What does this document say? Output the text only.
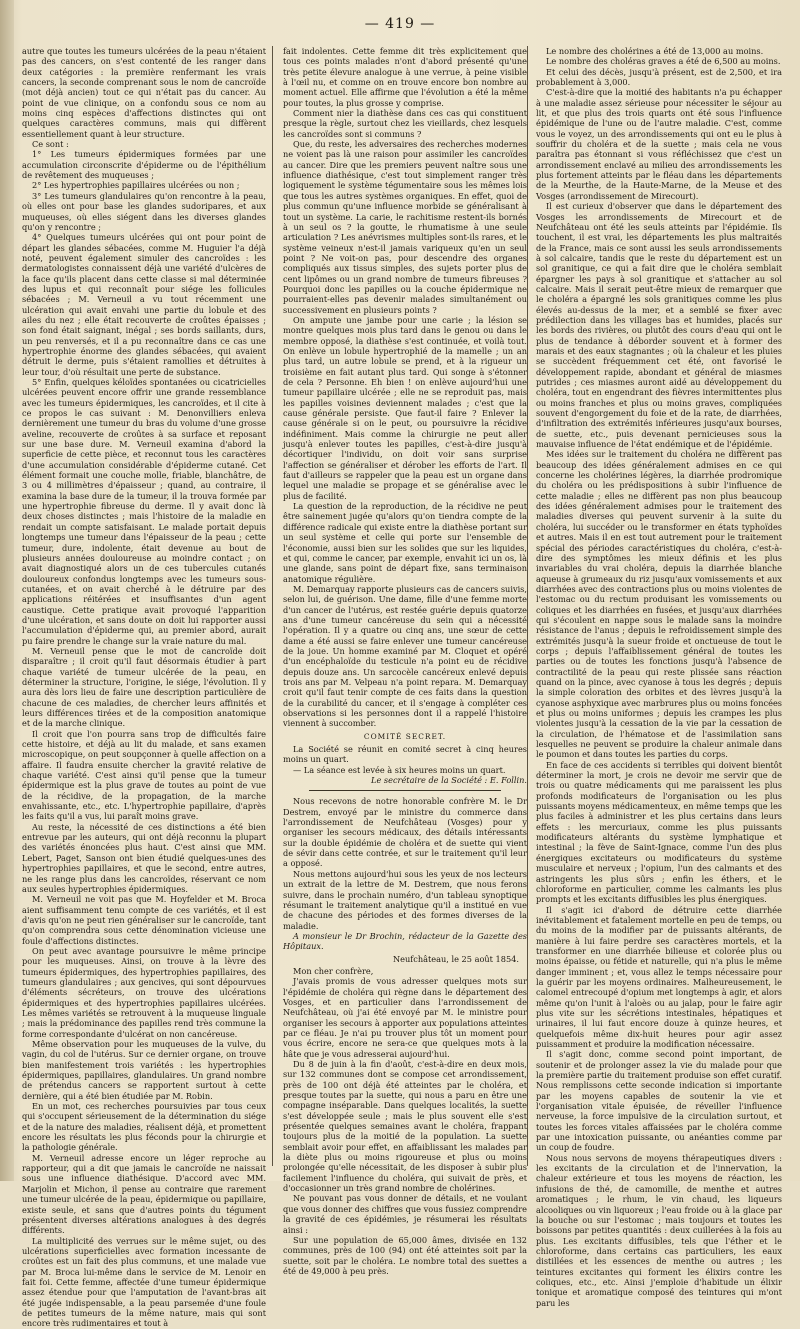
— 419 —

autre que toutes les tumeurs ulcérées de la peau n'étaient pas des cancers, on s'est contenté de les ranger dans deux catégories : la première renfermant les vrais cancers, la seconde comprenant sous le nom de cancroïde (mot déjà ancien) tout ce qui n'était pas du cancer. Au point de vue clinique, on a confondu sous ce nom au moins cinq espèces d'affections distinctes qui ont quelques caractères communs, mais qui diffèrent essentiellement quant à leur structure.

Ce sont :

1° Les tumeurs épidermiques formées par une accumulation circonscrite d'épiderme ou de l'épithélium de revêtement des muqueuses ;

2° Les hypertrophies papillaires ulcérées ou non ;

3° Les tumeurs glandulaires qu'on rencontre à la peau, où elles ont pour base les glandes sudoripares, et aux muqueuses, où elles siégent dans les diverses glandes qu'on y rencontre ;

4° Quelques tumeurs ulcérées qui ont pour point de départ les glandes sébacées, comme M. Huguier l'a déjà noté, peuvent également simuler des cancroïdes : les dermatologistes connaissent déjà une variété d'ulcères de la face qu'ils placent dans cette classe si mal déterminée des lupus et qui reconnaît pour siége les follicules sébacées ; M. Verneuil a vu tout récemment une ulcération qui avait envahi une partie du lobule et des ailes du nez ; elle était recouverte de croûtes épaisses ; son fond était saignant, inégal ; ses bords saillants, durs, un peu renversés, et il a pu reconnaître dans ce cas une hypertrophie énorme des glandes sébacées, qui avaient détruit le derme, puis s'étaient ramollies et détruites à leur tour, d'où résultait une perte de substance.

5° Enfin, quelques kéloïdes spontanées ou cicatricielles ulcérées peuvent encore offrir une grande ressemblance avec les tumeurs épidermiques, les cancroïdes, et il cite à ce propos le cas suivant : M. Denonvilliers enleva dernièrement une tumeur du bras du volume d'une grosse aveline, recouverte de croûtes à sa surface et reposant sur une base dure. M. Verneuil examina d'abord la superficie de cette pièce, et reconnut tous les caractères d'une accumulation considérable d'épiderme cutané. Cet élément formait une couche molle, friable, blanchâtre, de 3 ou 4 millimètres d'épaisseur ; quand, au contraire, il examina la base dure de la tumeur, il la trouva formée par une hypertrophie fibreuse du derme. Il y avait donc là deux choses distinctes ; mais l'histoire de la maladie en rendait un compte satisfaisant. Le malade portait depuis longtemps une tumeur dans l'épaisseur de la peau ; cette tumeur, dure, indolente, était devenue au bout de plusieurs années douloureuse au moindre contact ; on avait diagnostiqué alors un de ces tubercules cutanés douloureux confondus longtemps avec les tumeurs sous-cutanées, et on avait cherché à le détruire par des applications réitérées et insuffisantes d'un agent caustique. Cette pratique avait provoqué l'apparition d'une ulcération, et sans doute on doit lui rapporter aussi l'accumulation d'épiderme qui, au premier abord, aurait pu faire prendre le change sur la vraie nature du mal.

M. Verneuil pense que le mot de cancroïde doit disparaître ; il croit qu'il faut désormais étudier à part chaque variété de tumeur ulcérée de la peau, en déterminer la structure, l'origine, le siége, l'évolution. Il y aura dès lors lieu de faire une description particulière de chacune de ces maladies, de chercher leurs affinités et leurs différences tirées et de la composition anatomique et de la marche clinique.

Il croit que l'on pourra sans trop de difficultés faire cette histoire, et déjà au lit du malade, et sans examen microscopique, on peut soupçonner à quelle affection on a affaire. Il faudra ensuite chercher la gravité relative de chaque variété. C'est ainsi qu'il pense que la tumeur épidermique est la plus grave de toutes au point de vue de la récidive, de la propagation, de la marche envahissante, etc., etc. L'hypertrophie papillaire, d'après les faits qu'il a vus, lui paraît moins grave.

Au reste, la nécessité de ces distinctions a été bien entrevue par les auteurs, qui ont déjà reconnu la plupart des variétés énoncées plus haut. C'est ainsi que MM. Lebert, Paget, Sanson ont bien étudié quelques-unes des hypertrophies papillaires, et que le second, entre autres, ne les range plus dans les cancroïdes, réservant ce nom aux seules hypertrophies épidermiques.

M. Verneuil ne voit pas que M. Hoyfelder et M. Broca aient suffisamment tenu compte de ces variétés, et il est d'avis qu'on ne peut rien généraliser sur le cancroïde, tant qu'on comprendra sous cette dénomination vicieuse une foule d'affections distinctes.

On peut avec avantage poursuivre le même principe pour les muqueuses. Ainsi, on trouve à la lèvre des tumeurs épidermiques, des hypertrophies papillaires, des tumeurs glandulaires ; aux gencives, qui sont dépourvues d'éléments sécréteurs, on trouve des ulcérations épidermiques et des hypertrophies papillaires ulcérées. Les mêmes variétés se retrouvent à la muqueuse linguale ; mais la prédominance des papilles rend très commune la forme correspondante d'ulcérat on non cancéreuse.

Même observation pour les muqueuses de la vulve, du vagin, du col de l'utérus. Sur ce dernier organe, on trouve bien manifestement trois variétés : les hypertrophies épidermiques, papillaires, glandulaires. Un grand nombre de prétendus cancers se rapportent surtout à cette dernière, qui a été bien étudiée par M. Robin.

En un mot, ces recherches poursuivies par tous ceux qui s'occupent sérieusement de la détermination du siége et de la nature des maladies, réalisent déjà, et promettent encore les résultats les plus féconds pour la chirurgie et la pathologie générale.

M. Verneuil adresse encore un léger reproche au rapporteur, qui a dit que jamais le cancroïde ne naissait sous une influence diathésique. D'accord avec MM. Marjolin et Michon, il pense au contraire que rarement une tumeur ulcérée de la peau, épidermique ou papillaire, existe seule, et sans que d'autres points du tégument présentent diverses altérations analogues à des degrés différents.

La multiplicité des verrues sur le même sujet, ou des ulcérations superficielles avec formation incessante de croûtes est un fait des plus communs, et une malade vue par M. Broca lui-même dans le service de M. Lenoir en fait foi. Cette femme, affectée d'une tumeur épidermique assez étendue pour que l'amputation de l'avant-bras ait été jugée indispensable, a la peau parsemée d'une foule de petites tumeurs de la même nature, mais qui sont encore très rudimentaires et tout à

fait indolentes. Cette femme dit très explicitement que tous ces points malades n'ont d'abord présenté qu'une très petite élevure analogue à une verrue, à peine visible à l'œil nu, et comme on en trouve encore bon nombre au moment actuel. Elle affirme que l'évolution a été la même pour toutes, la plus grosse y comprise.

Comment nier la diathèse dans ces cas qui constituent presque la règle, surtout chez les vieillards, chez lesquels les cancroïdes sont si communs ?

Que, du reste, les adversaires des recherches modernes ne voient pas là une raison pour assimiler les cancroïdes au cancer. Dire que les premiers peuvent naître sous une influence diathésique, c'est tout simplement ranger très logiquement le système tégumentaire sous les mêmes lois que tous les autres systèmes organiques. En effet, quoi de plus commun qu'une influence morbide se généralisant à tout un système. La carie, le rachitisme restent-ils bornés à un seul os ? la goutte, le rhumatisme à une seule articulation ? Les anévrismes multiples sont-ils rares, et le système veineux n'est-il jamais variqueux qu'en un seul point ? Ne voit-on pas, pour descendre des organes compliqués aux tissus simples, des sujets porter plus de cent lipômes ou un grand nombre de tumeurs fibreuses ? Pourquoi donc les papilles ou la couche épidermique ne pourraient-elles pas devenir malades simultanément ou successivement en plusieurs points ?

On ampute une jambe pour une carie ; la lésion se montre quelques mois plus tard dans le genou ou dans le membre opposé, la diathèse s'est continuée, et voilà tout. On enlève un lobule hypertrophié de la mamelle ; un an plus tard, un autre lobule se prend, et à la rigueur un troisième en fait autant plus tard. Qui songe à s'étonner de cela ? Personne. Eh bien ! on enlève aujourd'hui une tumeur papillaire ulcérée ; elle ne se reproduit pas, mais les papilles voisines deviennent malades ; c'est que la cause générale persiste. Que faut-il faire ? Enlever la cause générale si on le peut, ou poursuivre la récidive indéfiniment. Mais comme la chirurgie ne peut aller jusqu'à enlever toutes les papilles, c'est-à-dire jusqu'à décortiquer l'individu, on doit voir sans surprise l'affection se généraliser et dérober les efforts de l'art. Il faut d'ailleurs se rappeler que la peau est un organe dans lequel une maladie se propage et se généralise avec le plus de facilité.

La question de la reproduction, de la récidive ne peut être sainement jugée qu'alors qu'on tiendra compte de la différence radicale qui existe entre la diathèse portant sur un seul système et celle qui porte sur l'ensemble de l'économie, aussi bien sur les solides que sur les liquides, et qui, comme le cancer, par exemple, envahit ici un os, là une glande, sans point de départ fixe, sans terminaison anatomique régulière.

M. Demarquay rapporte plusieurs cas de cancers suivis, selon lui, de guérison. Une dame, fille d'une femme morte d'un cancer de l'utérus, est restée guérie depuis quatorze ans d'une tumeur cancéreuse du sein qui a nécessité l'opération. Il y a quatre ou cinq ans, une sœur de cette dame a été aussi se faire enlever une tumeur cancéreuse de la joue. Un homme examiné par M. Cloquet et opéré d'un encéphaloïde du testicule n'a point eu de récidive depuis douze ans. Un sarcocèle cancéreux enlevé depuis trois ans par M. Velpeau n'a point repara. M. Demarquay croit qu'il faut tenir compte de ces faits dans la question de la curabilité du cancer, et il s'engage à compléter ces observations si les personnes dont il a rappelé l'histoire viennent à succomber.

COMITÉ SECRET.

La Société se réunit en comité secret à cinq heures moins un quart.

— La séance est levée à six heures moins un quart.

Le secrétaire de la Société : E. Follin.

Nous recevons de notre honorable confrère M. le Dr Destrem, envoyé par le ministre du commerce dans l'arrondissement de Neufchâteau (Vosges) pour y organiser les secours médicaux, des détails intéressants sur la double épidémie de choléra et de suette qui vient de sévir dans cette contrée, et sur le traitement qu'il leur a opposé.

Nous mettons aujourd'hui sous les yeux de nos lecteurs un extrait de la lettre de M. Destrem, que nous ferons suivre, dans le prochain numéro, d'un tableau synoptique résumant le traitement analytique qu'il a institué en vue de chacune des périodes et des formes diverses de la maladie.

A monsieur le Dr Brochin, rédacteur de la Gazette des Hôpitaux.

Neufchâteau, le 25 août 1854.

Mon cher confrère,

J'avais promis de vous adresser quelques mots sur l'épidémie de choléra qui règne dans le département des Vosges, et en particulier dans l'arrondissement de Neufchâteau, où j'ai été envoyé par M. le ministre pour organiser les secours à apporter aux populations atteintes par ce fléau. Je n'ai pu trouver plus tôt un moment pour vous écrire, encore ne sera-ce que quelques mots à la hâte que je vous adresserai aujourd'hui.

Du 8 de juin à la fin d'août, c'est-à-dire en deux mois, sur 132 communes dont se compose cet arrondissement, près de 100 ont déjà été atteintes par le choléra, et presque toutes par la suette, qui nous a paru en être une compagne inséparable. Dans quelques localités, la suette s'est développée seule ; mais le plus souvent elle s'est présentée quelques semaines avant le choléra, frappant toujours plus de la moitié de la population. La suette semblait avoir pour effet, en affaiblissant les malades par la diète plus ou moins rigoureuse et plus ou moins prolongée qu'elle nécessitait, de les disposer à subir plus facilement l'influence du choléra, qui suivait de près, et d'occasionner un très grand nombre de cholérines.

Ne pouvant pas vous donner de détails, et ne voulant que vous donner des chiffres que vous fussiez comprendre la gravité de ces épidémies, je résumerai les résultats ainsi :

Sur une population de 65,000 âmes, divisée en 132 communes, près de 100 (94) ont été atteintes soit par la suette, soit par le choléra. Le nombre total des suettes a été de 49,000 à peu près.

Le nombre des cholérines a été de 13,000 au moins.

Le nombre des choléras graves a été de 6,500 au moins.

Et celui des décès, jusqu'à présent, est de 2,500, et ira probablement à 3,000.

C'est-à-dire que la moitié des habitants n'a pu échapper à une maladie assez sérieuse pour nécessiter le séjour au lit, et que plus des trois quarts ont été sous l'influence épidémique de l'une ou de l'autre maladie. C'est, comme vous le voyez, un des arrondissements qui ont eu le plus à souffrir du choléra et de la suette ; mais cela ne vous paraîtra pas étonnant si vous réfléchissez que c'est un arrondissement enclavé au milieu des arrondissements les plus fortement atteints par le fléau dans les départements de la Meurthe, de la Haute-Marne, de la Meuse et des Vosges (arrondissement de Mirecourt).

Il est curieux d'observer que dans le département des Vosges les arrondissements de Mirecourt et de Neufchâteau ont été les seuls atteints par l'épidémie. Ils touchent, il est vrai, les départements les plus maltraités de la France, mais ce sont aussi les seuls arrondissements à sol calcaire, tandis que le reste du département est un sol granitique, ce qui a fait dire que le choléra semblait épargner les pays à sol granitique et s'attacher au sol calcaire. Mais il serait peut-être mieux de remarquer que le choléra a épargné les sols granitiques comme les plus élevés au-dessus de la mer, et a semblé se fixer avec prédilection dans les villages bas et humides, placés sur les bords des rivières, ou plutôt des cours d'eau qui ont le plus de tendance à déborder souvent et à former des marais et des eaux stagnantes ; où la chaleur et les pluies se succèdent fréquemment cet été, ont favorisé le développement rapide, abondant et général de miasmes putrides ; ces miasmes auront aidé au développement du choléra, tout en engendrant des fièvres intermittentes plus ou moins franches et plus ou moins graves, compliquées souvent d'engorgement du foie et de la rate, de diarrhées, d'infiltration des extrémités inférieures jusqu'aux bourses, de suette, etc., puis devenant pernicieuses sous la mauvaise influence de l'état endémique et de l'épidémie.

Mes idées sur le traitement du choléra ne diffèrent pas beaucoup des idées généralement admises en ce qui concerne les cholérines légères, la diarrhée prodromique du choléra ou les prédispositions à subir l'influence de cette maladie ; elles ne diffèrent pas non plus beaucoup des idées généralement admises pour le traitement des maladies diverses qui peuvent survenir à la suite du choléra, lui succéder ou le transformer en états typhoïdes et autres. Mais il en est tout autrement pour le traitement spécial des périodes caractéristiques du choléra, c'est-à-dire des symptômes les mieux définis et les plus invariables du vrai choléra, depuis la diarrhée blanche aqueuse à grumeaux du riz jusqu'aux vomissements et aux diarrhées avec des contractions plus ou moins violentes de l'estomac ou du rectum produisant les vomissements ou coliques et les diarrhées en fusées, et jusqu'aux diarrhées qui s'écoulent en nappe sous le malade sans la moindre résistance de l'anus ; depuis le refroidissement simple des extrémités jusqu'à la sueur froide et onctueuse de tout le corps ; depuis l'affaiblissement général de toutes les parties ou de toutes les fonctions jusqu'à l'absence de contractilité de la peau qui reste plissée sans réaction quand on la pince, avec cyanose à tous les degrés ; depuis la simple coloration des orbites et des lèvres jusqu'à la cyanose asphyxique avec marbrures plus ou moins foncées et plus ou moins uniformes ; depuis les crampes les plus violentes jusqu'à la cessation de la vie par la cessation de la circulation, de l'hématose et de l'assimilation sans lesquelles ne peuvent se produire la chaleur animale dans le poumon et dans toutes les parties du corps.

En face de ces accidents si terribles qui doivent bientôt déterminer la mort, je crois ne devoir me servir que de trois ou quatre médicaments qui me paraissent les plus profonds modificateurs de l'organisation ou les plus puissants moyens médicamenteux, en même temps que les plus faciles à administrer et les plus certains dans leurs effets : les mercuriaux, comme les plus puissants modificateurs altérants du système lymphatique et intestinal ; la fève de Saint-Ignace, comme l'un des plus énergiques excitateurs ou modificateurs du système musculaire et nerveux ; l'opium, l'un des calmants et des astringents les plus sûrs ; enfin les éthers, et le chloroforme en particulier, comme les calmants les plus prompts et les excitants diffusibles les plus énergiques.

Il s'agit ici d'abord de détruire cette diarrhée inévitablement et fatalement mortelle en peu de temps, ou du moins de la modifier par de puissants altérants, de manière à lui faire perdre ses caractères mortels, et la transformer en une diarrhée bilieuse et colorée plus ou moins épaisse, ou fétide et naturelle, qui n'a plus le même danger imminent ; et, vous allez le temps nécessaire pour la guérir par les moyens ordinaires. Malheureusement, le calomel entrecoupé d'opium met longtemps à agir, et alors même qu'on l'unit à l'aloès ou au jalap, pour le faire agir plus vite sur les sécrétions intestinales, hépatiques et urinaires, il lui faut encore douze à quinze heures, et quelquefois même dix-huit heures pour agir assez puissamment et produire la modification nécessaire.

Il s'agit donc, comme second point important, de soutenir et de prolonger assez la vie du malade pour que la première partie du traitement produise son effet curatif. Nous remplissons cette seconde indication si importante par les moyens capables de soutenir la vie et l'organisation vitale épuisée, de réveiller l'influence nerveuse, la force impulsive de la circulation surtout, et toutes les forces vitales affaissées par le choléra comme par une intoxication puissante, ou anéanties comme par un coup de foudre.

Nous nous servons de moyens thérapeutiques divers : les excitants de la circulation et de l'innervation, la chaleur extérieure et tous les moyens de réaction, les infusions de thé, de camomille, de menthe et autres aromatiques ; le rhum, le vin chaud, les liqueurs alcooliques ou vin liquoreux ; l'eau froide ou à la glace par la bouche ou sur l'estomac ; mais toujours et toutes les boissons par petites quantités : deux cuillerées à la fois au plus. Les excitants diffusibles, tels que l'éther et le chloroforme, dans certains cas particuliers, les eaux distillées et les essences de menthe ou autres ; les teintures excitantes qui forment les élixirs contre les coliques, etc., etc. Ainsi j'emploie d'habitude un élixir tonique et aromatique composé des teintures qui m'ont paru les
